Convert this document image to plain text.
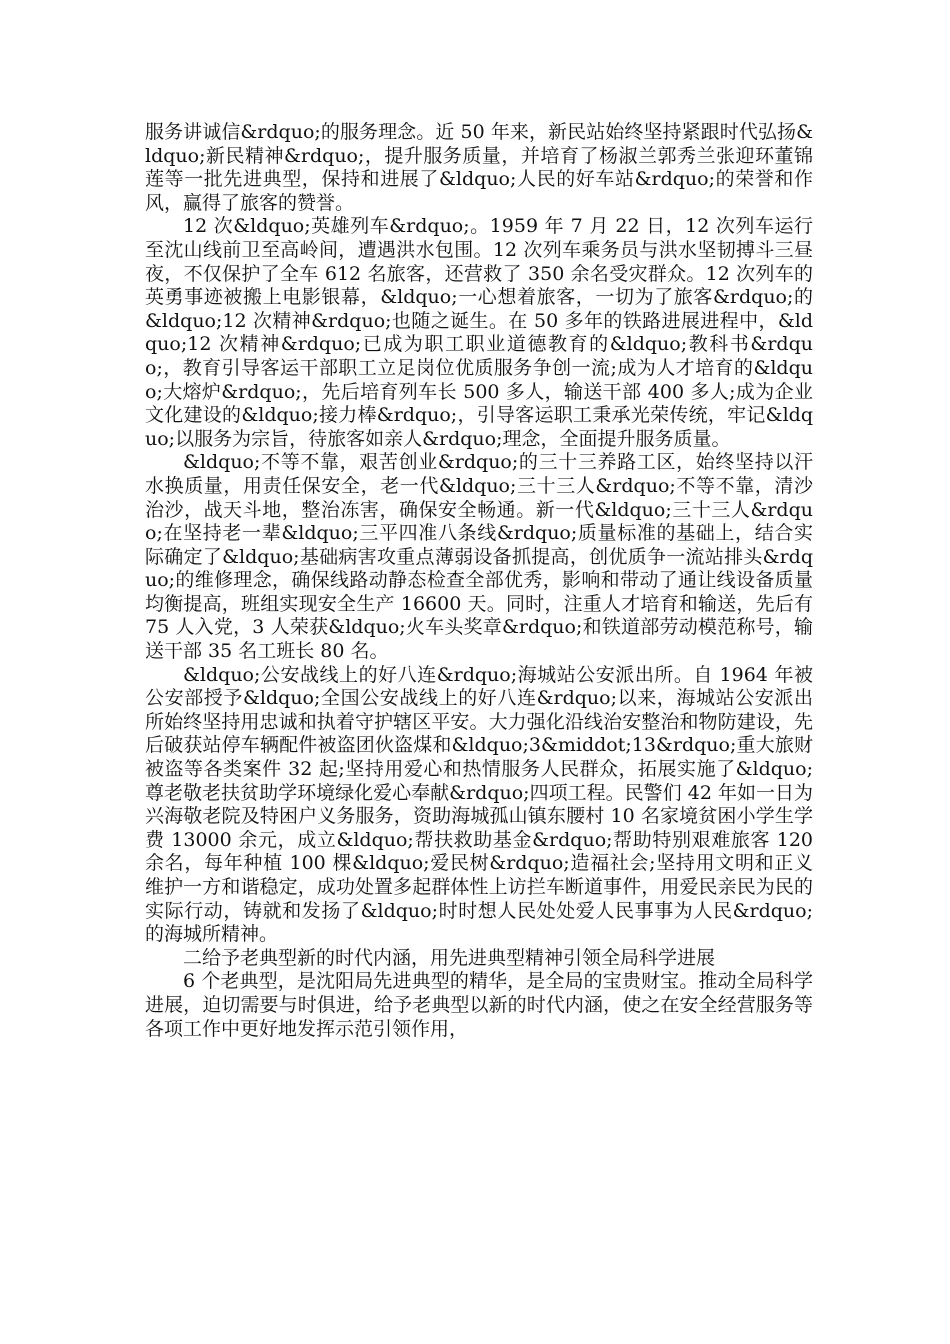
服务讲诚信&rdquo;的服务理念。近 50 年来，新民站始终坚持紧跟时代弘扬&ldquo;新民精神&rdquo;，提升服务质量，并培育了杨淑兰郭秀兰张迎环董锦莲等一批先进典型，保持和进展了&ldquo;人民的好车站&rdquo;的荣誉和作风，赢得了旅客的赞誉。

12 次&ldquo;英雄列车&rdquo;。1959 年 7 月 22 日，12 次列车运行至沈山线前卫至高岭间，遭遇洪水包围。12 次列车乘务员与洪水坚韧搏斗三昼夜，不仅保护了全车 612 名旅客，还营救了 350 余名受灾群众。12 次列车的英勇事迹被搬上电影银幕，&ldquo;一心想着旅客，一切为了旅客&rdquo;的&ldquo;12 次精神&rdquo;也随之诞生。在 50 多年的铁路进展进程中，&ldquo;12 次精神&rdquo;已成为职工职业道德教育的&ldquo;教科书&rdquo;，教育引导客运干部职工立足岗位优质服务争创一流;成为人才培育的&ldquo;大熔炉&rdquo;，先后培育列车长 500 多人，输送干部 400 多人;成为企业文化建设的&ldquo;接力棒&rdquo;，引导客运职工秉承光荣传统，牢记&ldquo;以服务为宗旨，待旅客如亲人&rdquo;理念，全面提升服务质量。

&ldquo;不等不靠，艰苦创业&rdquo;的三十三养路工区，始终坚持以汗水换质量，用责任保安全，老一代&ldquo;三十三人&rdquo;不等不靠，清沙治沙，战天斗地，整治冻害，确保安全畅通。新一代&ldquo;三十三人&rdquo;在坚持老一辈&ldquo;三平四准八条线&rdquo;质量标准的基础上，结合实际确定了&ldquo;基础病害攻重点薄弱设备抓提高，创优质争一流站排头&rdquo;的维修理念，确保线路动静态检查全部优秀，影响和带动了通让线设备质量均衡提高，班组实现安全生产 16600 天。同时，注重人才培育和输送，先后有 75 人入党，3 人荣获&ldquo;火车头奖章&rdquo;和铁道部劳动模范称号，输送干部 35 名工班长 80 名。

&ldquo;公安战线上的好八连&rdquo;海城站公安派出所。自 1964 年被公安部授予&ldquo;全国公安战线上的好八连&rdquo;以来，海城站公安派出所始终坚持用忠诚和执着守护辖区平安。大力强化沿线治安整治和物防建设，先后破获站停车辆配件被盗团伙盗煤和&ldquo;3&middot;13&rdquo;重大旅财被盗等各类案件 32 起;坚持用爱心和热情服务人民群众，拓展实施了&ldquo;尊老敬老扶贫助学环境绿化爱心奉献&rdquo;四项工程。民警们 42 年如一日为兴海敬老院及特困户义务服务，资助海城孤山镇东腰村 10 名家境贫困小学生学费 13000 余元，成立&ldquo;帮扶救助基金&rdquo;帮助特别艰难旅客 120 余名，每年种植 100 棵&ldquo;爱民树&rdquo;造福社会;坚持用文明和正义维护一方和谐稳定，成功处置多起群体性上访拦车断道事件，用爱民亲民为民的实际行动，铸就和发扬了&ldquo;时时想人民处处爱人民事事为人民&rdquo;的海城所精神。

二给予老典型新的时代内涵，用先进典型精神引领全局科学进展

6 个老典型，是沈阳局先进典型的精华，是全局的宝贵财宝。推动全局科学进展，迫切需要与时俱进，给予老典型以新的时代内涵，使之在安全经营服务等各项工作中更好地发挥示范引领作用，
